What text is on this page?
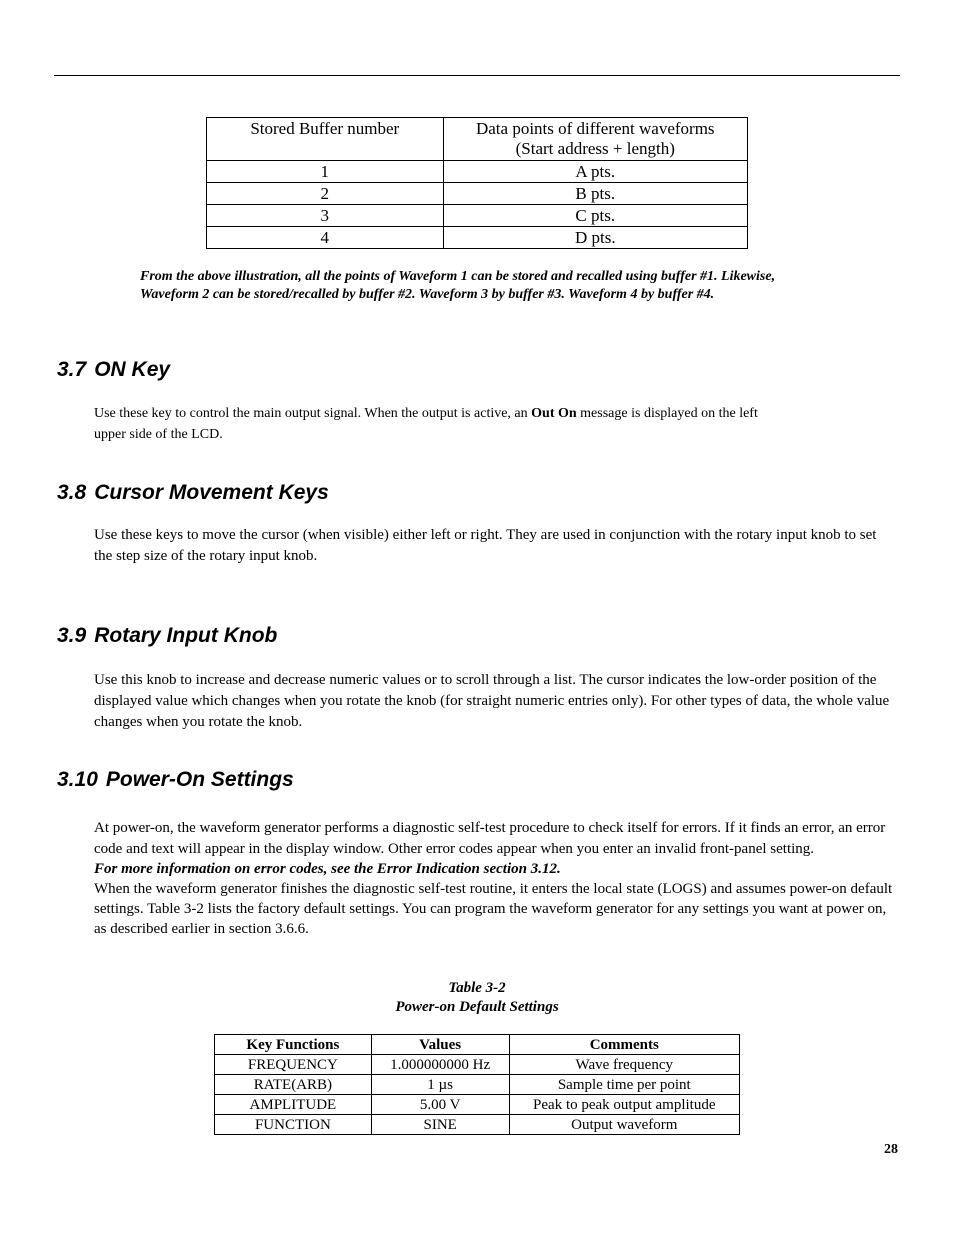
Stored Buffer number	Data points of different waveforms
(Start address + length)

1	A pts.
2	B pts.
3	C pts.
4	D pts.
From the above illustration, all the points of Waveform 1 can be stored and recalled using buffer #1. Likewise,
Waveform 2 can be stored/recalled by buffer #2. Waveform 3 by buffer #3. Waveform 4 by buffer #4.
3.7 ON Key
Use these key to control the main output signal. When the output is active, an Out On message is displayed on the left
upper side of the LCD.
3.8 Cursor Movement Keys
Use these keys to move the cursor (when visible) either left or right. They are used in conjunction with the rotary input knob to set the step size of the rotary input knob.
3.9 Rotary Input Knob
Use this knob to increase and decrease numeric values or to scroll through a list. The cursor indicates the low-order position of the displayed value which changes when you rotate the knob (for straight numeric entries only). For other types of data, the whole value changes when you rotate the knob.
3.10 Power-On Settings
At power-on, the waveform generator performs a diagnostic self-test procedure to check itself for errors. If it finds an error, an error code and text will appear in the display window. Other error codes appear when you enter an invalid front-panel setting.
For more information on error codes, see the Error Indication section 3.12.
When the waveform generator finishes the diagnostic self-test routine, it enters the local state (LOGS) and assumes power-on default settings. Table 3-2 lists the factory default settings. You can program the waveform generator for any settings you want at power on, as described earlier in section 3.6.6.
Table 3-2
Power-on Default Settings
Key Functions	Values	Comments
FREQUENCY	1.000000000 Hz	Wave frequency
RATE(ARB)	1 µs	Sample time per point
AMPLITUDE	5.00 V	Peak to peak output amplitude
FUNCTION	SINE	Output waveform
28
